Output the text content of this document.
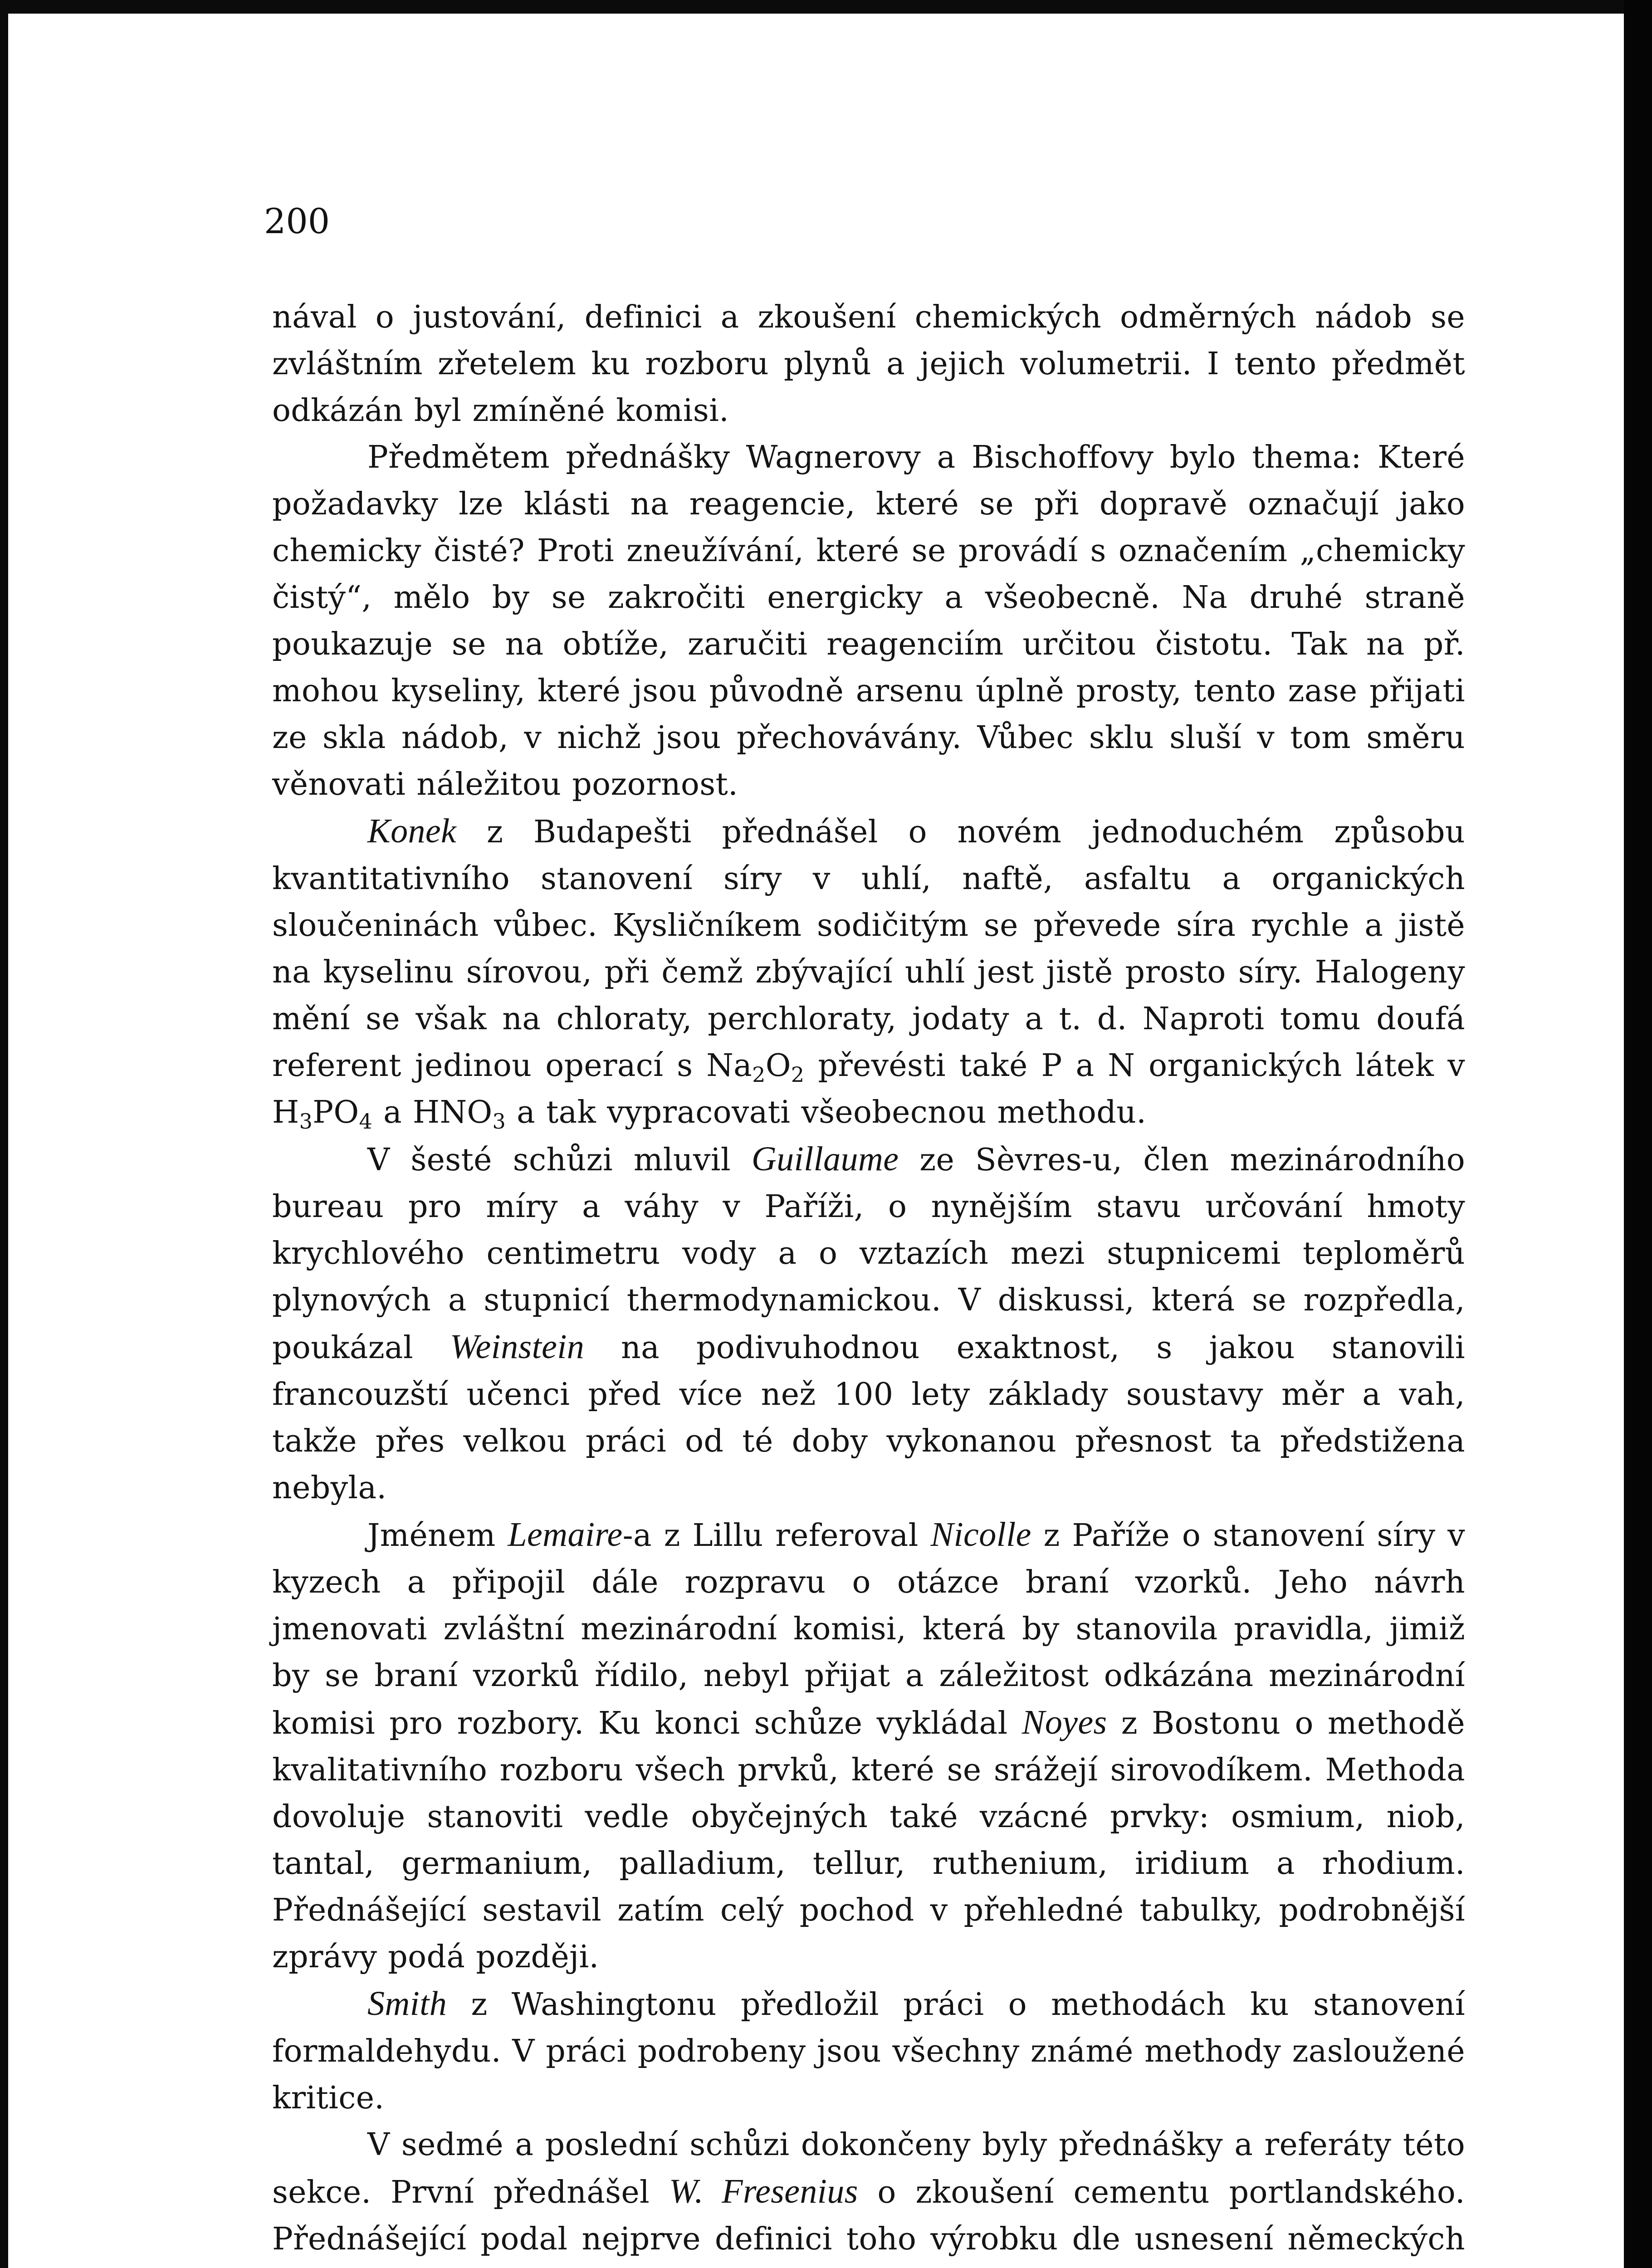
200

nával o justování, definici a zkoušení chemických odměrných nádob se zvláštním zřetelem ku rozboru plynů a jejich volumetrii. I tento předmět odkázán byl zmíněné komisi.

Předmětem přednášky Wagnerovy a Bischoffovy bylo thema: Které požadavky lze klásti na reagencie, které se při dopravě označují jako chemicky čisté? Proti zneužívání, které se provádí s označením „chemicky čistý“, mělo by se zakročiti energicky a všeobecně. Na druhé straně poukazuje se na obtíže, zaručiti reagenciím určitou čistotu. Tak na př. mohou kyseliny, které jsou původně arsenu úplně prosty, tento zase přijati ze skla nádob, v nichž jsou přechovávány. Vůbec sklu sluší v tom směru věnovati náležitou pozornost.

Konek z Budapešti přednášel o novém jednoduchém způsobu kvantitativního stanovení síry v uhlí, naftě, asfaltu a organických sloučeninách vůbec. Kysličníkem sodičitým se převede síra rychle a jistě na kyselinu sírovou, při čemž zbývající uhlí jest jistě prosto síry. Halogeny mění se však na chloraty, perchloraty, jodaty a t. d. Naproti tomu doufá referent jedinou operací s $Na_2O_2$ převésti také P a N organických látek v $H_3PO_4$ a $HNO_3$ a tak vypracovati všeobecnou methodu.

V šesté schůzi mluvil Guillaume ze Sèvres-u, člen mezinárodního bureau pro míry a váhy v Paříži, o nynějším stavu určování hmoty krychlového centimetru vody a o vztazích mezi stupnicemi teploměrů plynových a stupnicí thermodynamickou. V diskussi, která se rozpředla, poukázal Weinstein na podivuhodnou exaktnost, s jakou stanovili francouzští učenci před více než 100 lety základy soustavy měr a vah, takže přes velkou práci od té doby vykonanou přesnost ta předstižena nebyla.

Jménem Lemaire-a z Lillu referoval Nicolle z Paříže o stanovení síry v kyzech a připojil dále rozpravu o otázce braní vzorků. Jeho návrh jmenovati zvláštní mezinárodní komisi, která by stanovila pravidla, jimiž by se braní vzorků řídilo, nebyl přijat a záležitost odkázána mezinárodní komisi pro rozbory. Ku konci schůze vykládal Noyes z Bostonu o methodě kvalitativního rozboru všech prvků, které se srážejí sirovodíkem. Methoda dovoluje stanoviti vedle obyčejných také vzácné prvky: osmium, niob, tantal, germanium, palladium, tellur, ruthenium, iridium a rhodium. Přednášející sestavil zatím celý pochod v přehledné tabulky, podrobnější zprávy podá později.

Smith z Washingtonu předložil práci o methodách ku stanovení formaldehydu. V práci podrobeny jsou všechny známé methody zasloužené kritice.

V sedmé a poslední schůzi dokončeny byly přednášky a referáty této sekce. První přednášel W. Fresenius o zkoušení cementu portlandského. Přednášející podal nejprve definici toho výrobku dle usnesení německých
